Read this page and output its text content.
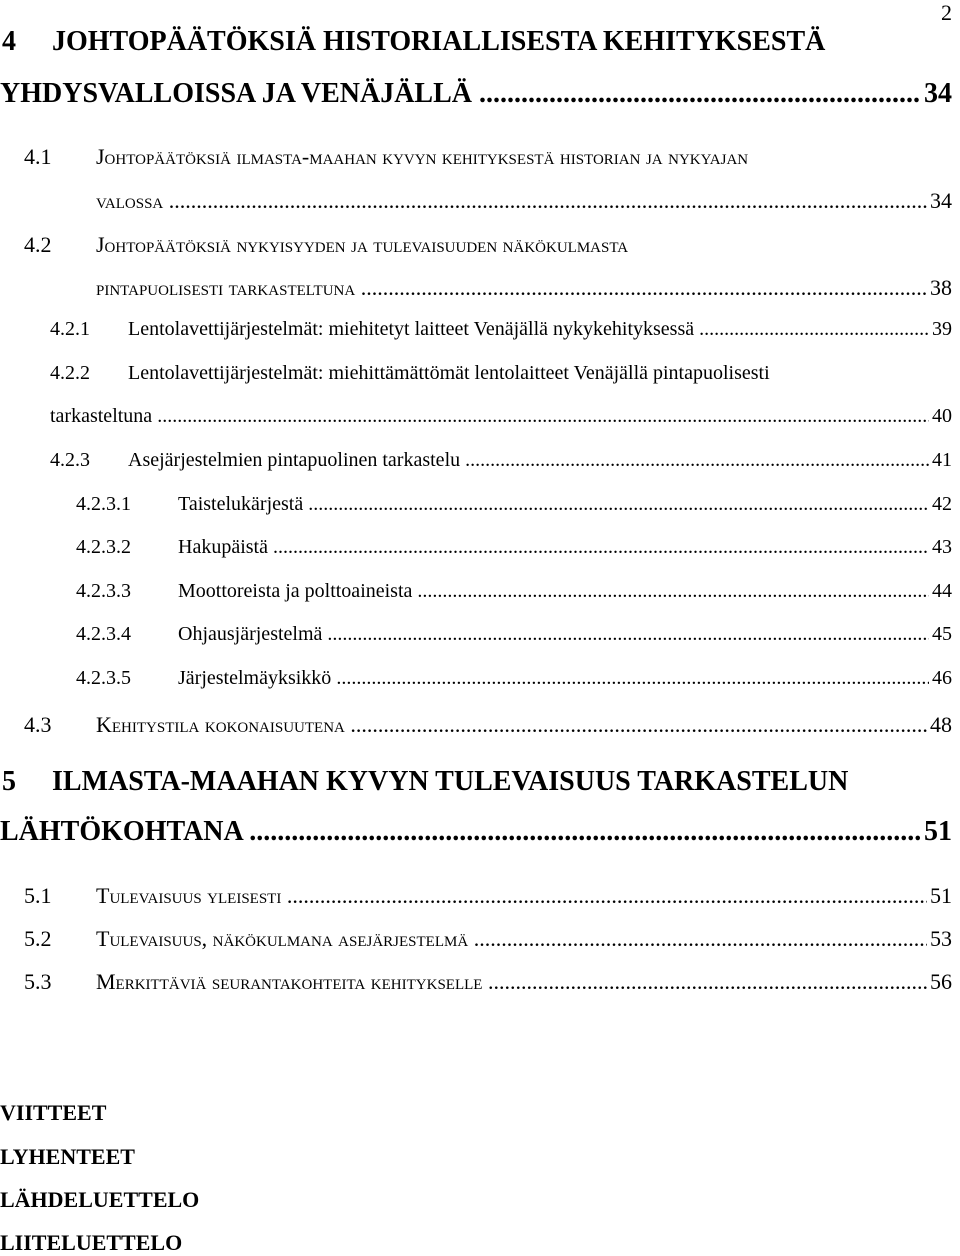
2
4 JOHTOPÄÄTÖKSIÄ HISTORIALLISESTA KEHITYKSESTÄ
YHDYSVALLOISSA JA VENÄJÄLLÄ .....	34
4.1 Johtopäätöksiä ilmasta-maahan kyvyn kehityksestä historian ja nykyajan
valossa .....	34
4.2 Johtopäätöksiä nykyisyyden ja tulevaisuuden näkökulmasta
pintapuolisesti tarkasteltuna .....	38
4.2.1 Lentolavettijärjestelmät: miehitetyt laitteet Venäjällä nykykehityksessä .....	39
4.2.2 Lentolavettijärjestelmät: miehittämättömät lentolaitteet Venäjällä pintapuolisesti
tarkasteltuna .....	40
4.2.3 Asejärjestelmien pintapuolinen tarkastelu .....	41
4.2.3.1 Taistelukärjestä .....	42
4.2.3.2 Hakupäistä .....	43
4.2.3.3 Moottoreista ja polttoaineista .....	44
4.2.3.4 Ohjausjärjestelmä .....	45
4.2.3.5 Järjestelmäyksikkö .....	46
4.3 Kehitystila kokonaisuutena .....	48
5 ILMASTA-MAAHAN KYVYN TULEVAISUUS TARKASTELUN
LÄHTÖKOHTANA .....	51
5.1 Tulevaisuus yleisesti .....	51
5.2 Tulevaisuus, näkökulmana asejärjestelmä .....	53
5.3 Merkittäviä seurantakohteita kehitykselle .....	56
VIITTEET
LYHENTEET
LÄHDELUETTELO
LIITELUETTELO
